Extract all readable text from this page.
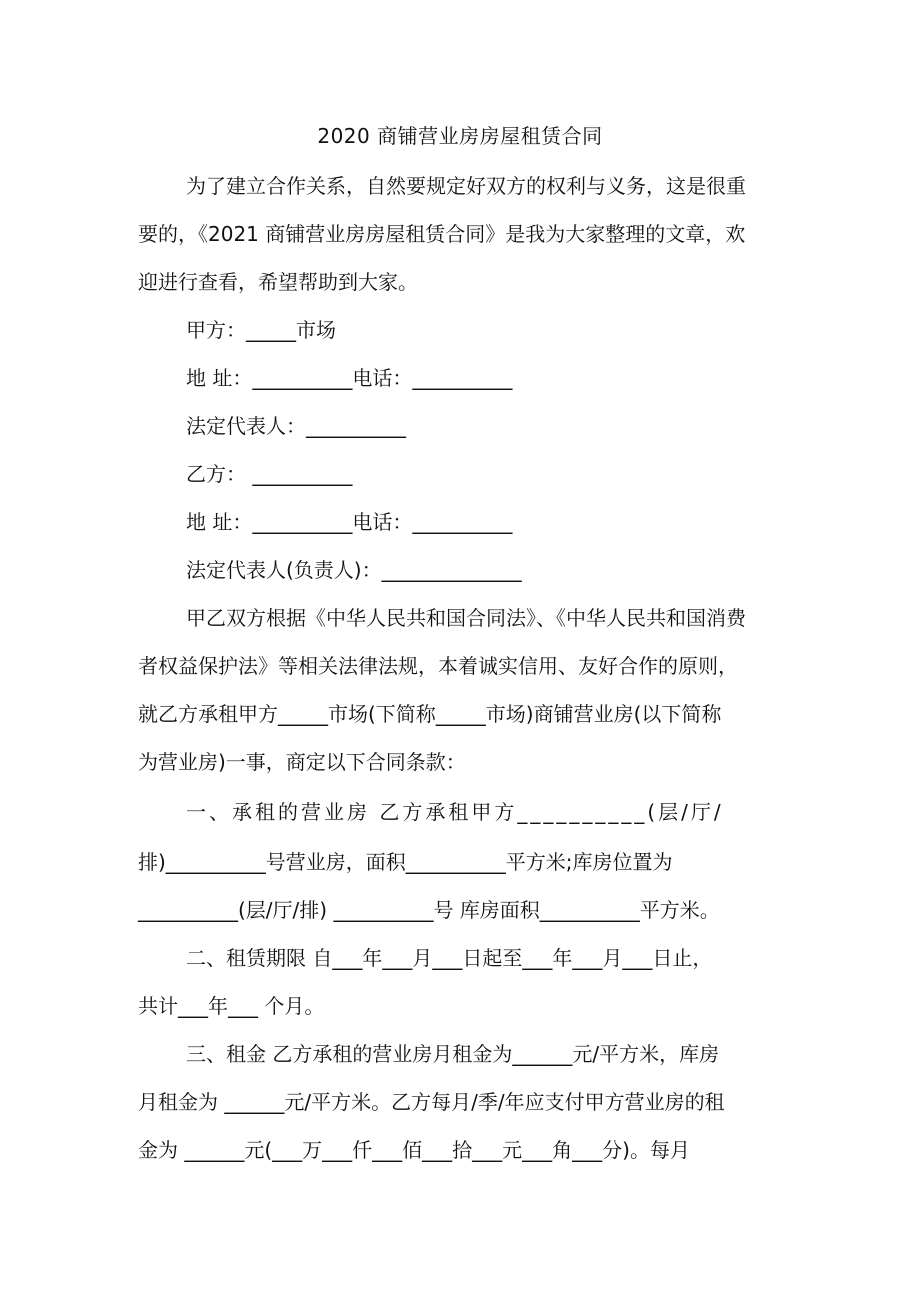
2020 商铺营业房房屋租赁合同
为了建立合作关系，自然要规定好双方的权利与义务，这是很重
要的，《2021 商铺营业房房屋租赁合同》是我为大家整理的文章，欢
迎进行查看，希望帮助到大家。
甲方：_____市场
地 址：__________电话：__________
法定代表人：__________
乙方： __________
地 址：__________电话：__________
法定代表人(负责人)：______________
甲乙双方根据《中华人民共和国合同法》、《中华人民共和国消费
者权益保护法》等相关法律法规，本着诚实信用、友好合作的原则，
就乙方承租甲方_____市场(下简称_____市场)商铺营业房(以下简称
为营业房)一事，商定以下合同条款：
一、承租的营业房 乙方承租甲方__________(层/厅/
排)__________号营业房，面积__________平方米;库房位置为
__________(层/厅/排) __________号 库房面积__________平方米。
二、租赁期限 自___年___月___日起至___年___月___日止，
共计___年___ 个月。
三、租金 乙方承租的营业房月租金为______元/平方米，库房
月租金为 ______元/平方米。乙方每月/季/年应支付甲方营业房的租
金为 ______元(___万___仟___佰___拾___元___角___分)。每月
